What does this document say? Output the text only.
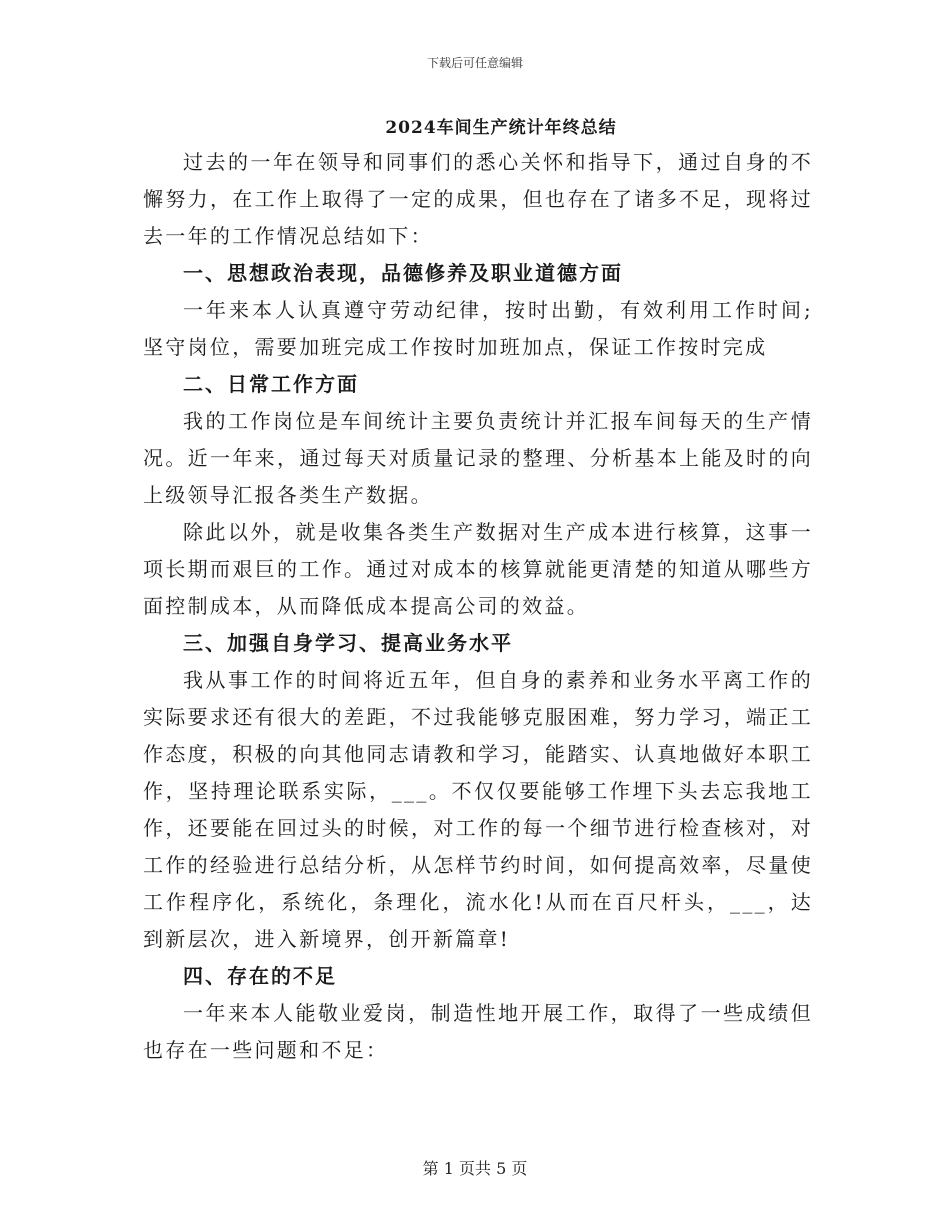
下载后可任意编辑
2024车间生产统计年终总结

过去的一年在领导和同事们的悉心关怀和指导下，通过自身的不懈努力，在工作上取得了一定的成果，但也存在了诸多不足，现将过去一年的工作情况总结如下：

一、思想政治表现，品德修养及职业道德方面

一年来本人认真遵守劳动纪律，按时出勤，有效利用工作时间;坚守岗位，需要加班完成工作按时加班加点，保证工作按时完成

二、日常工作方面

我的工作岗位是车间统计主要负责统计并汇报车间每天的生产情况。近一年来，通过每天对质量记录的整理、分析基本上能及时的向上级领导汇报各类生产数据。

除此以外，就是收集各类生产数据对生产成本进行核算，这事一项长期而艰巨的工作。通过对成本的核算就能更清楚的知道从哪些方面控制成本，从而降低成本提高公司的效益。

三、加强自身学习、提高业务水平

我从事工作的时间将近五年，但自身的素养和业务水平离工作的实际要求还有很大的差距，不过我能够克服困难，努力学习，端正工作态度，积极的向其他同志请教和学习，能踏实、认真地做好本职工作，坚持理论联系实际，___。不仅仅要能够工作埋下头去忘我地工作，还要能在回过头的时候，对工作的每一个细节进行检查核对，对工作的经验进行总结分析，从怎样节约时间，如何提高效率，尽量使工作程序化，系统化，条理化，流水化!从而在百尺杆头，___，达到新层次，进入新境界，创开新篇章!

四、存在的不足

一年来本人能敬业爱岗，制造性地开展工作，取得了一些成绩但也存在一些问题和不足：

第 1 页共 5 页
